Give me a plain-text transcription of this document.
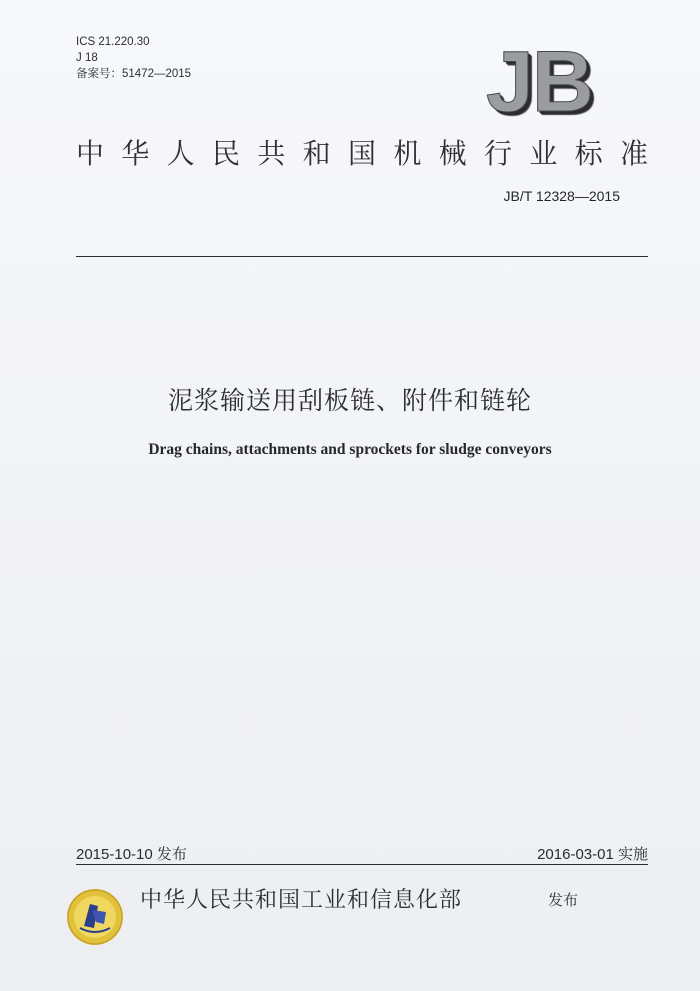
ICS 21.220.30
J 18
备案号：51472—2015	JB
中华人民共和国机械行业标准
JB/T 12328—2015
泥浆输送用刮板链、附件和链轮
Drag chains, attachments and sprockets for sludge conveyors
2015-10-10 发布	2016-03-01 实施
中华人民共和国工业和信息化部	发布
